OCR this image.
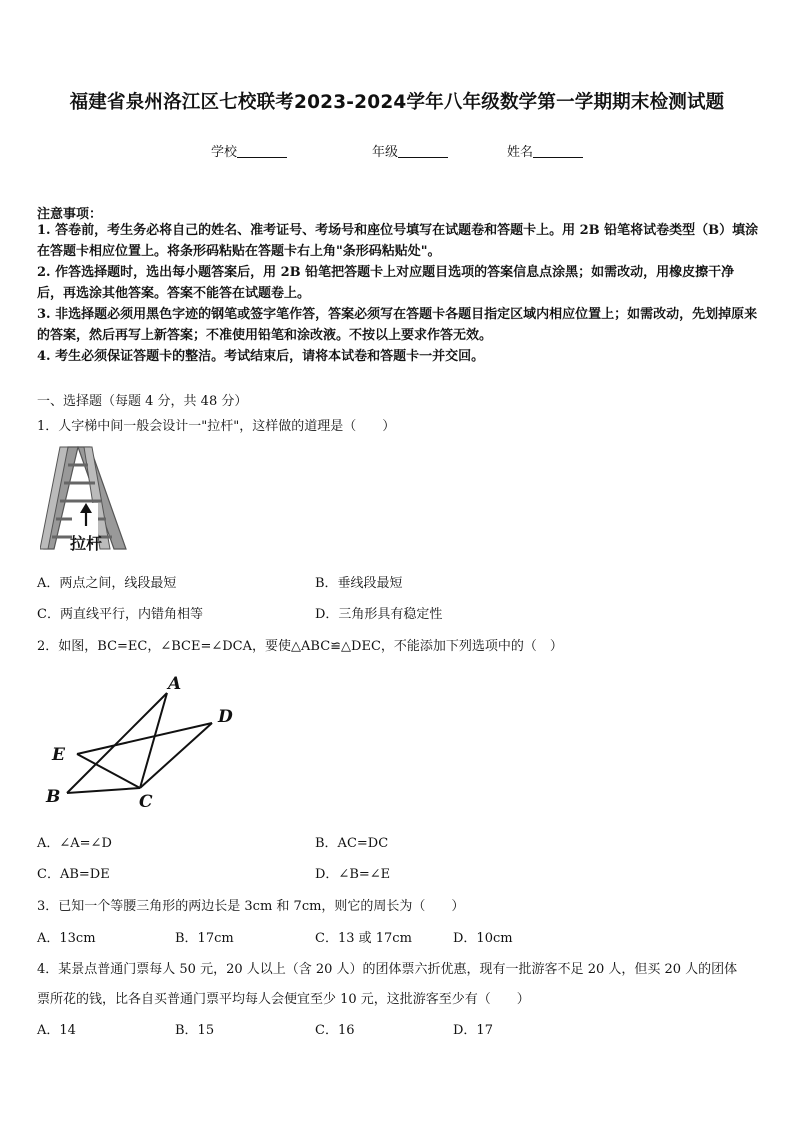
福建省泉州洛江区七校联考2023-2024学年八年级数学第一学期期末检测试题
学校	年级	姓名
注意事项：
1. 答卷前，考生务必将自己的姓名、准考证号、考场号和座位号填写在试题卷和答题卡上。用 2B 铅笔将试卷类型（B）填涂在答题卡相应位置上。将条形码粘贴在答题卡右上角"条形码粘贴处"。
2. 作答选择题时，选出每小题答案后，用 2B 铅笔把答题卡上对应题目选项的答案信息点涂黑；如需改动，用橡皮擦干净后，再选涂其他答案。答案不能答在试题卷上。
3. 非选择题必须用黑色字迹的钢笔或签字笔作答，答案必须写在答题卡各题目指定区域内相应位置上；如需改动，先划掉原来的答案，然后再写上新答案；不准使用铅笔和涂改液。不按以上要求作答无效。
4. 考生必须保证答题卡的整洁。考试结束后，请将本试卷和答题卡一并交回。
一、选择题（每题 4 分，共 48 分）
1．人字梯中间一般会设计一"拉杆"，这样做的道理是（　　）
拉杆
A．两点之间，线段最短	B．垂线段最短
C．两直线平行，内错角相等	D．三角形具有稳定性
2．如图，BC=EC，∠BCE=∠DCA，要使△ABC≌△DEC，不能添加下列选项中的（　）
A
D
E
B	C
A．∠A=∠D	B．AC=DC
C．AB=DE	D．∠B=∠E
3．已知一个等腰三角形的两边长是 3cm 和 7cm，则它的周长为（　　）
A．13cm	B．17cm	C．13 或 17cm	D．10cm
4．某景点普通门票每人 50 元，20 人以上（含 20 人）的团体票六折优惠，现有一批游客不足 20 人，但买 20 人的团体
票所花的钱，比各自买普通门票平均每人会便宜至少 10 元，这批游客至少有（　　）
A．14	B．15	C．16	D．17
